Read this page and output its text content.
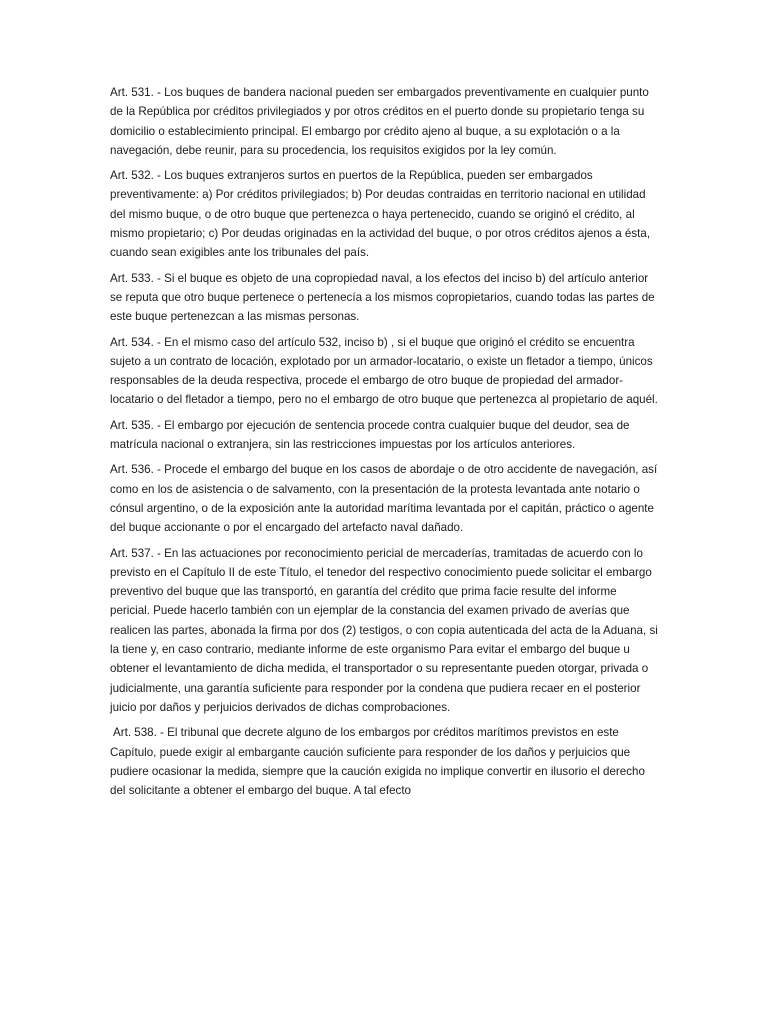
Art. 531. - Los buques de bandera nacional pueden ser embargados preventivamente en cualquier punto de la República por créditos privilegiados y por otros créditos en el puerto donde su propietario tenga su domicilio o establecimiento principal. El embargo por crédito ajeno al buque, a su explotación o a la navegación, debe reunir, para su procedencia, los requisitos exigidos por la ley común.

Art. 532. - Los buques extranjeros surtos en puertos de la República, pueden ser embargados preventivamente: a) Por créditos privilegiados; b) Por deudas contraidas en territorio nacional en utilidad del mismo buque, o de otro buque que pertenezca o haya pertenecido, cuando se originó el crédito, al mismo propietario; c) Por deudas originadas en la actividad del buque, o por otros créditos ajenos a ésta, cuando sean exigibles ante los tribunales del país.

Art. 533. - Si el buque es objeto de una copropiedad naval, a los efectos del inciso b) del artículo anterior se reputa que otro buque pertenece o pertenecía a los mismos copropietarios, cuando todas las partes de este buque pertenezcan a las mismas personas.

Art. 534. - En el mismo caso del artículo 532, inciso b) , si el buque que originó el crédito se encuentra sujeto a un contrato de locación, explotado por un armador-locatario, o existe un fletador a tiempo, únicos responsables de la deuda respectiva, procede el embargo de otro buque de propiedad del armador-locatario o del fletador a tiempo, pero no el embargo de otro buque que pertenezca al propietario de aquél.

Art. 535. - El embargo por ejecución de sentencia procede contra cualquier buque del deudor, sea de matrícula nacional o extranjera, sin las restricciones impuestas por los artículos anteriores.

Art. 536. - Procede el embargo del buque en los casos de abordaje o de otro accidente de navegación, así como en los de asistencia o de salvamento, con la presentación de la protesta levantada ante notario o cónsul argentino, o de la exposición ante la autoridad marítima levantada por el capitán, práctico o agente del buque accionante o por el encargado del artefacto naval dañado.

Art. 537. - En las actuaciones por reconocimiento pericial de mercaderías, tramitadas de acuerdo con lo previsto en el Capítulo II de este Título, el tenedor del respectivo conocimiento puede solicitar el embargo preventivo del buque que las transportó, en garantía del crédito que prima facie resulte del informe pericial. Puede hacerlo también con un ejemplar de la constancia del examen privado de averías que realicen las partes, abonada la firma por dos (2) testigos, o con copia autenticada del acta de la Aduana, si la tiene y, en caso contrario, mediante informe de este organismo Para evitar el embargo del buque u obtener el levantamiento de dicha medida, el transportador o su representante pueden otorgar, privada o judicialmente, una garantía suficiente para responder por la condena que pudiera recaer en el posterior juicio por daños y perjuicios derivados de dichas comprobaciones.

Art. 538. - El tribunal que decrete alguno de los embargos por créditos marítimos previstos en este Capítulo, puede exigir al embargante caución suficiente para responder de los daños y perjuicios que pudiere ocasionar la medida, siempre que la caución exigida no implique convertir en ilusorio el derecho del solicitante a obtener el embargo del buque. A tal efecto
